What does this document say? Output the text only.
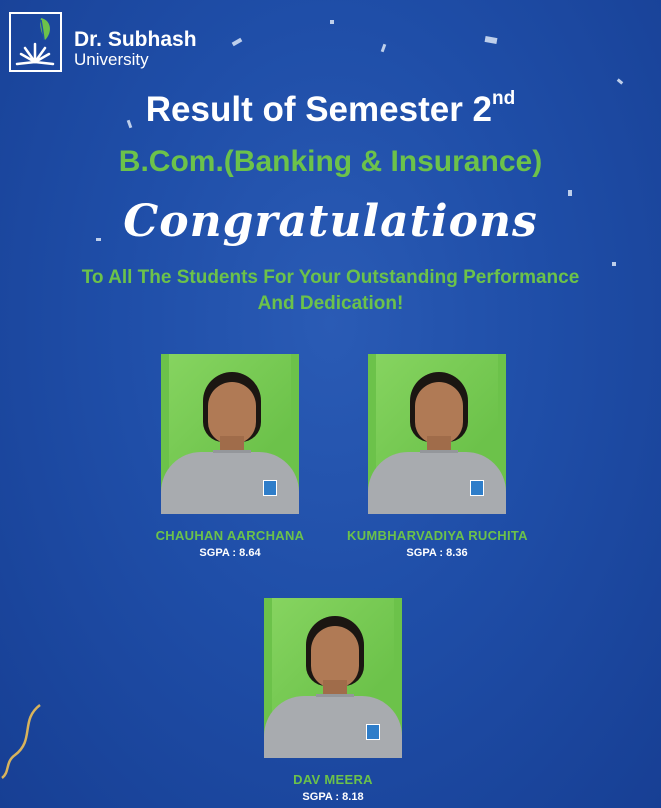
Dr. Subhash
University
Result of Semester 2nd
B.Com.(Banking & Insurance)
Congratulations
To All The Students For Your Outstanding Performance And Dedication!
CHAUHAN AARCHANA
SGPA : 8.64
KUMBHARVADIYA RUCHITA
SGPA : 8.36
DAV MEERA
SGPA : 8.18
